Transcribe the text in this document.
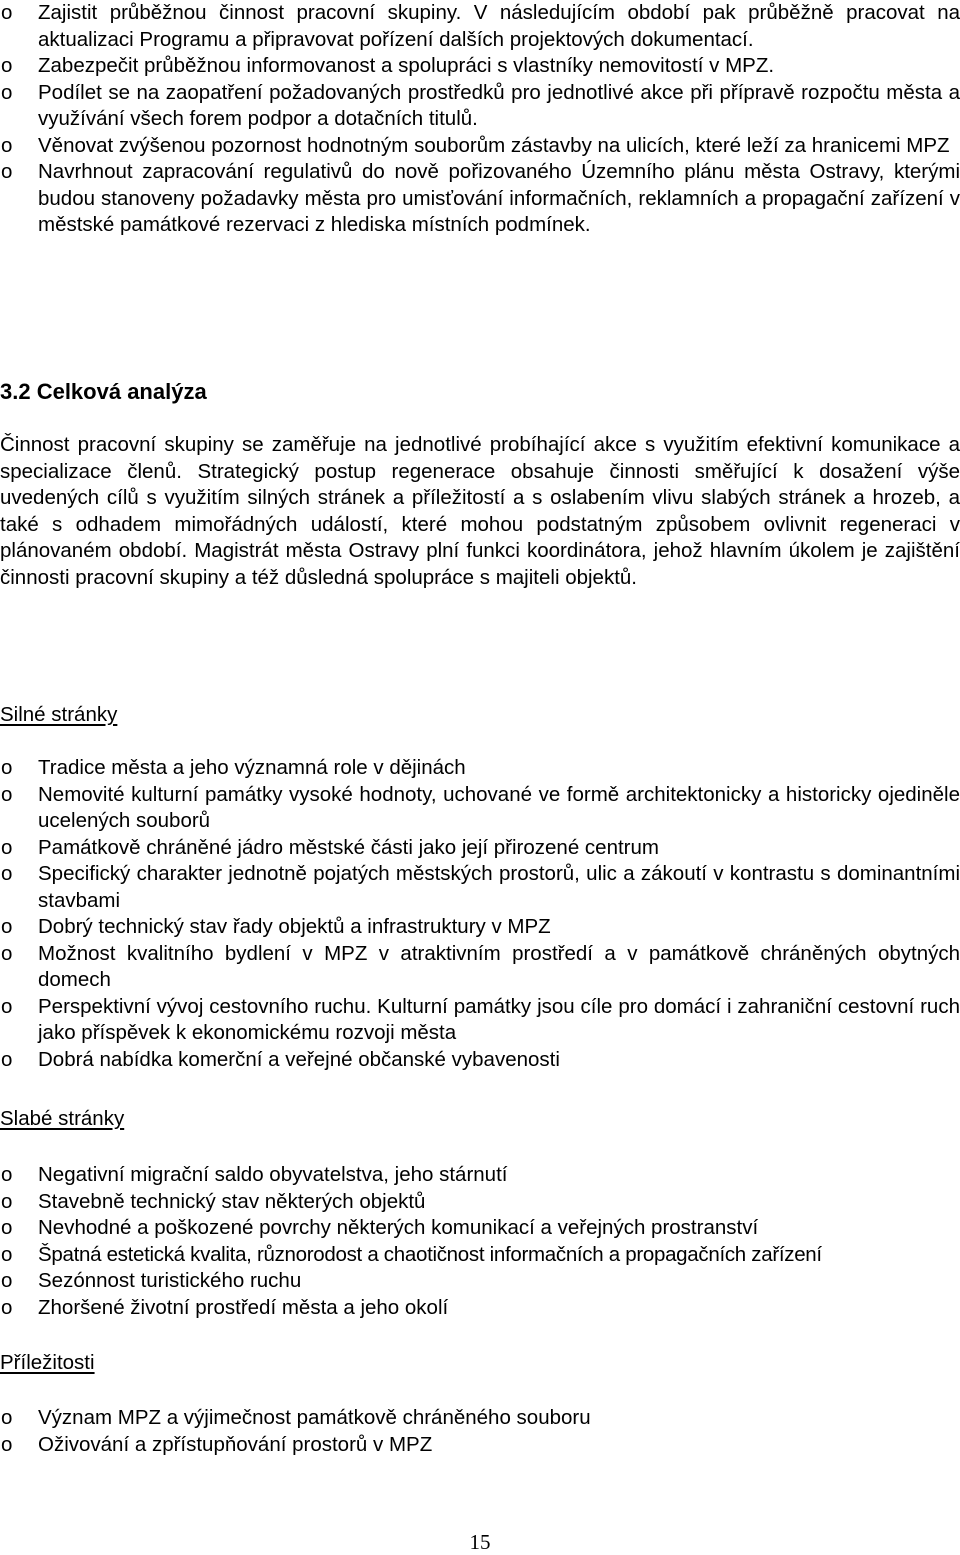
o	Zajistit průběžnou činnost pracovní skupiny. V následujícím období pak průběžně pracovat na aktualizaci Programu a připravovat pořízení dalších projektových dokumentací.
o	Zabezpečit průběžnou informovanost a spolupráci s vlastníky nemovitostí v MPZ.
o	Podílet se na zaopatření požadovaných prostředků pro jednotlivé akce při přípravě rozpočtu města a využívání všech forem podpor a dotačních titulů.
o	Věnovat zvýšenou pozornost hodnotným souborům zástavby na ulicích, které leží za hranicemi MPZ
o	Navrhnout zapracování regulativů do nově pořizovaného Územního plánu města Ostravy, kterými budou stanoveny požadavky města pro umisťování informačních, reklamních a propagační zařízení v městské památkové rezervaci z hlediska místních podmínek.
3.2 Celková analýza
Činnost pracovní skupiny se zaměřuje na jednotlivé probíhající akce s využitím efektivní komunikace a specializace členů. Strategický postup regenerace obsahuje činnosti směřující k dosažení výše uvedených cílů s využitím silných stránek a příležitostí a s oslabením vlivu slabých stránek a hrozeb, a také s odhadem mimořádných událostí, které mohou podstatným způsobem ovlivnit regeneraci v plánovaném období. Magistrát města Ostravy plní funkci koordinátora, jehož hlavním úkolem je zajištění činnosti pracovní skupiny a též důsledná spolupráce s majiteli objektů.
Silné stránky
o	Tradice města a jeho významná role v dějinách
o	Nemovité kulturní památky vysoké hodnoty, uchované ve formě architektonicky a historicky ojediněle ucelených souborů
o	Památkově chráněné jádro městské části jako její přirozené centrum
o	Specifický charakter jednotně pojatých městských prostorů, ulic a zákoutí v kontrastu s dominantními stavbami
o	Dobrý technický stav řady objektů a infrastruktury v MPZ
o	Možnost kvalitního bydlení v MPZ v atraktivním prostředí a v památkově chráněných obytných domech
o	Perspektivní vývoj cestovního ruchu. Kulturní památky jsou cíle pro domácí i zahraniční cestovní ruch jako příspěvek k ekonomickému rozvoji města
o	Dobrá nabídka komerční a veřejné občanské vybavenosti
Slabé stránky
o	Negativní migrační saldo obyvatelstva, jeho stárnutí
o	Stavebně technický stav některých objektů
o	Nevhodné a poškozené povrchy některých komunikací a veřejných prostranství
o	Špatná estetická kvalita, různorodost a chaotičnost informačních a propagačních zařízení
o	Sezónnost turistického ruchu
o	Zhoršené životní prostředí města a jeho okolí
Příležitosti
o	Význam MPZ a výjimečnost památkově chráněného souboru
o	Oživování a zpřístupňování prostorů v MPZ
15
